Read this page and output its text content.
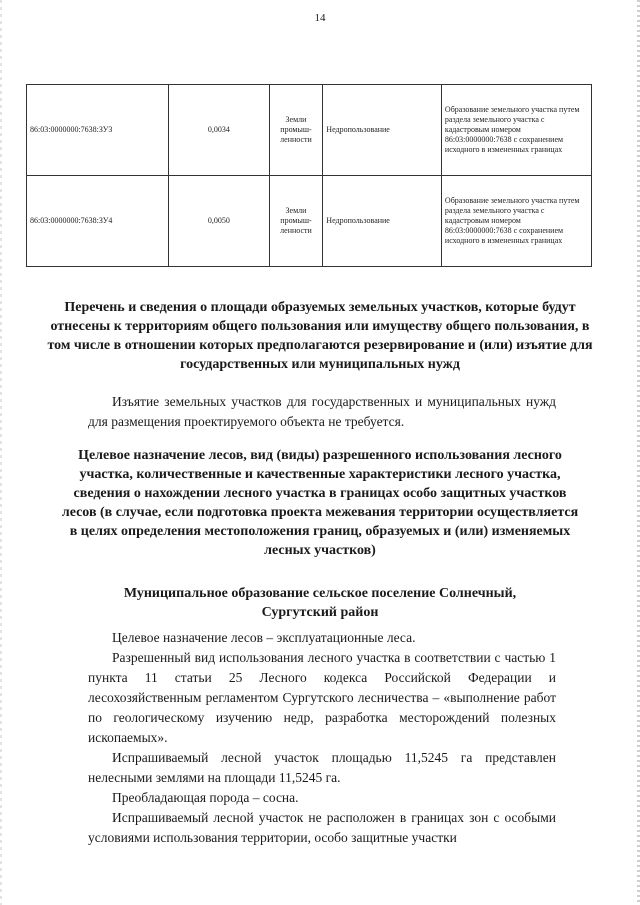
14
86:03:0000000:7638:ЗУ3	0,0034	Земли промыш-ленности	Недропользование	Образование земельного участка путем раздела земельного участка с кадастровым номером 86:03:0000000:7638 с сохранением исходного в измененных границах
86:03:0000000:7638:ЗУ4	0,0050	Земли промыш-ленности	Недропользование	Образование земельного участка путем раздела земельного участка с кадастровым номером 86:03:0000000:7638 с сохранением исходного в измененных границах
Перечень и сведения о площади образуемых земельных участков, которые будут отнесены к территориям общего пользования или имуществу общего пользования, в том числе в отношении которых предполагаются резервирование и (или) изъятие для государственных или муниципальных нужд
Изъятие земельных участков для государственных и муниципальных нужд для размещения проектируемого объекта не требуется.
Целевое назначение лесов, вид (виды) разрешенного использования лесного участка, количественные и качественные характеристики лесного участка, сведения о нахождении лесного участка в границах особо защитных участков лесов (в случае, если подготовка проекта межевания территории осуществляется в целях определения местоположения границ, образуемых и (или) изменяемых лесных участков)
Муниципальное образование сельское поселение Солнечный, Сургутский район
Целевое назначение лесов – эксплуатационные леса.
Разрешенный вид использования лесного участка в соответствии с частью 1 пункта 11 статьи 25 Лесного кодекса Российской Федерации и лесохозяйственным регламентом Сургутского лесничества – «выполнение работ по геологическому изучению недр, разработка месторождений полезных ископаемых».
Испрашиваемый лесной участок площадью 11,5245 га представлен нелесными землями на площади 11,5245 га.
Преобладающая порода – сосна.
Испрашиваемый лесной участок не расположен в границах зон с особыми условиями использования территории, особо защитные участки
